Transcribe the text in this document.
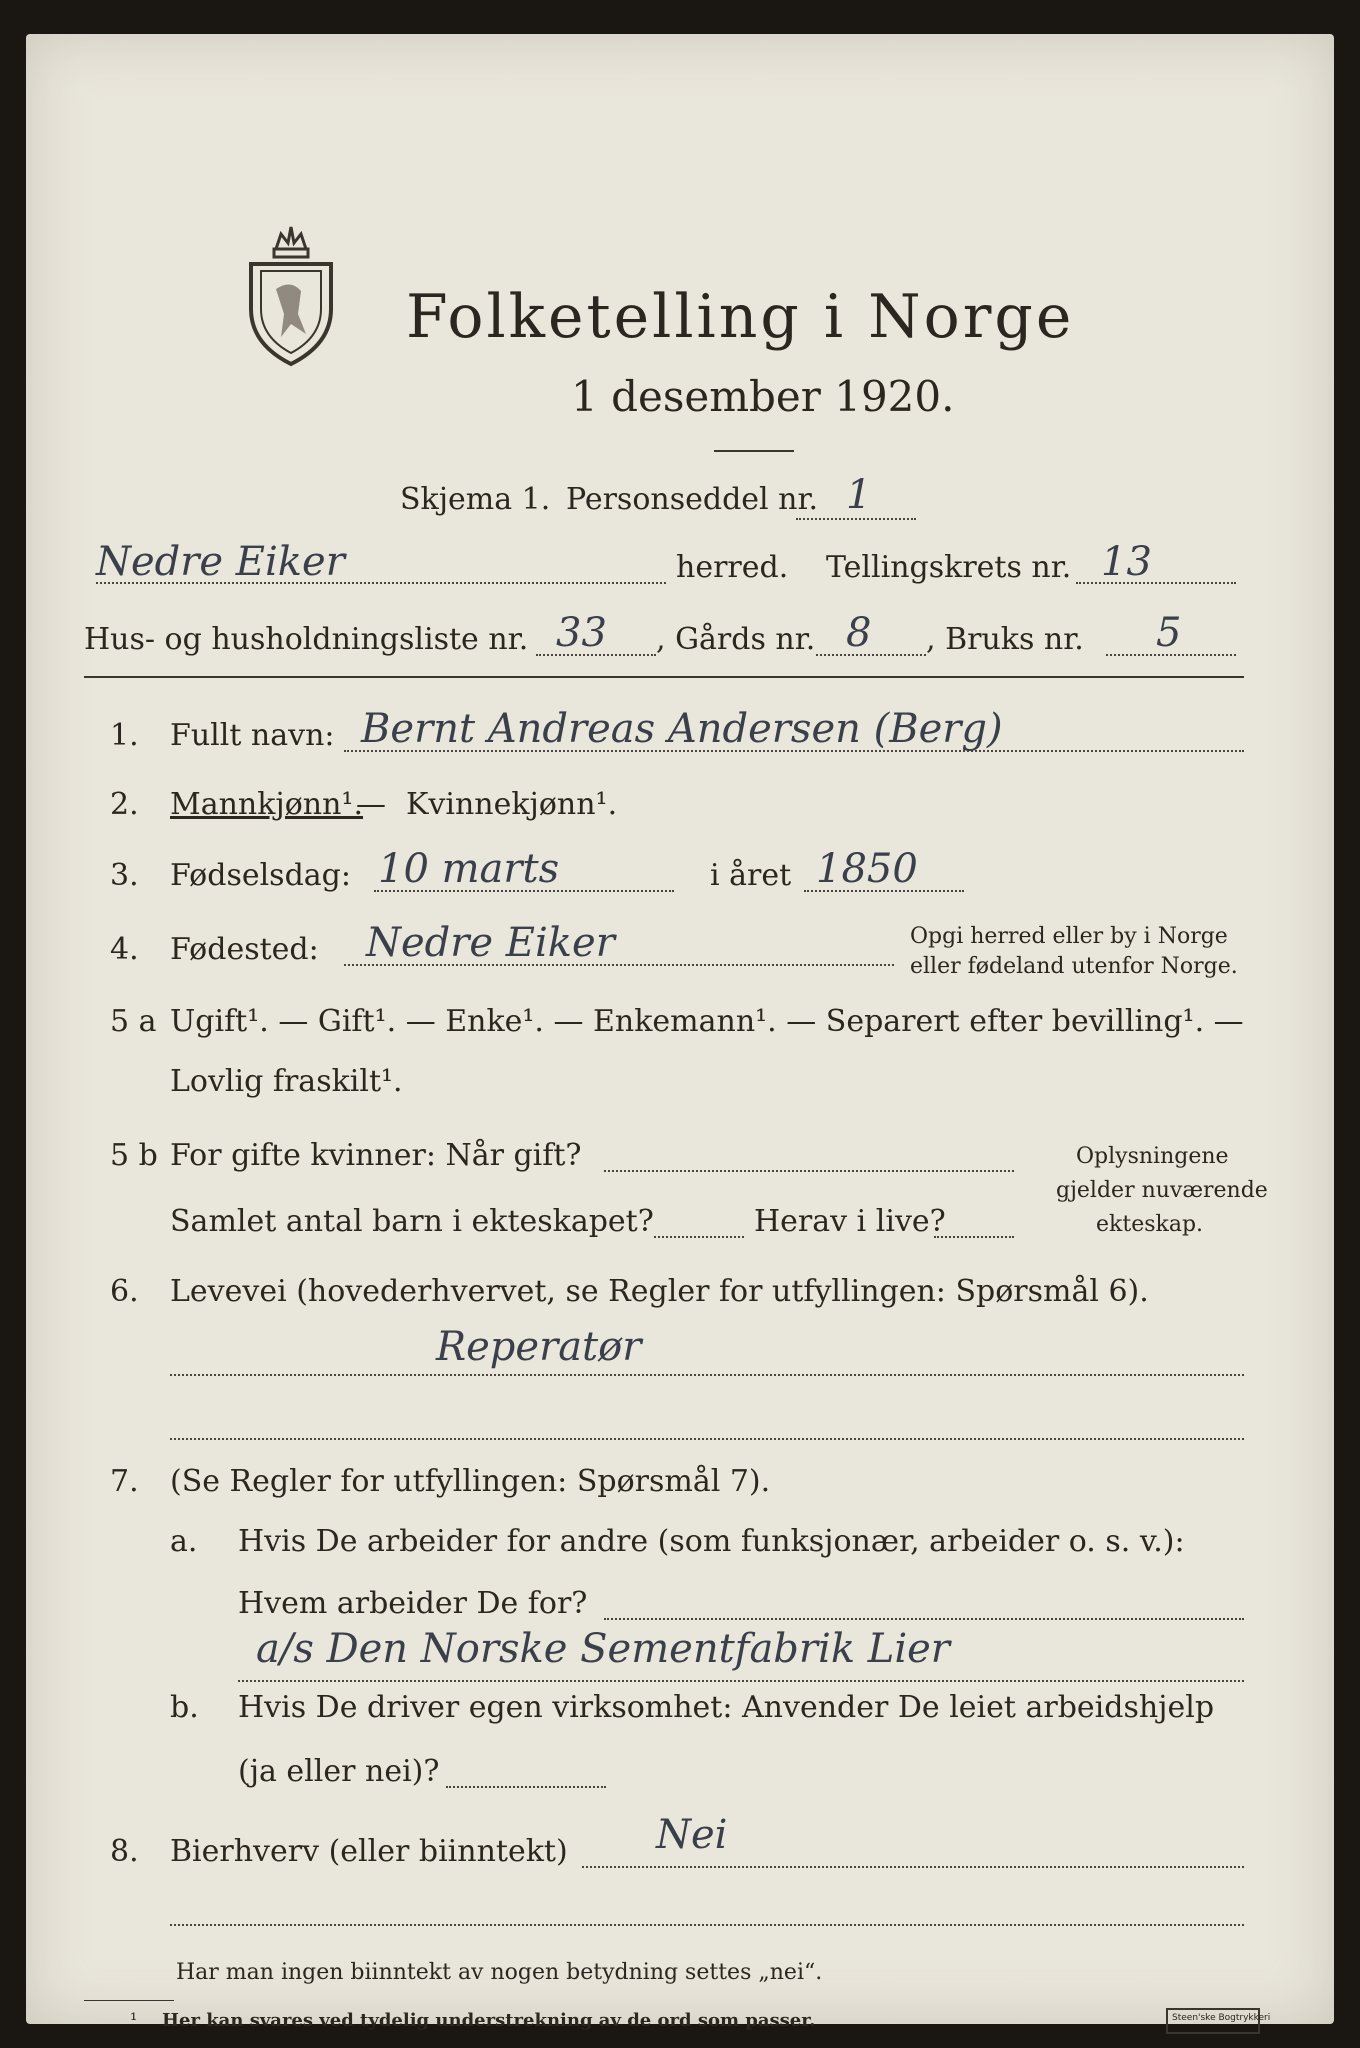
Folketelling i Norge
1 desember 1920.
Skjema 1. Personseddel nr. 1
Nedre Eiker	herred. Tellingskrets nr. 13
Hus- og husholdningsliste nr. 33 , Gårds nr. 8 , Bruks nr. 5
1. Fullt navn: Bernt Andreas Andersen (Berg)
2. Mannkjønn¹.
— Kvinnekjønn¹.
3. Fødselsdag: 10 marts	i året 1850
4. Fødested: Nedre Eiker	Opgi herred eller by i Norge
eller fødeland utenfor Norge.
5 a Ugift¹. — Gift¹. — Enke¹. — Enkemann¹. — Separert efter bevilling¹. —
Lovlig fraskilt¹.
5 b For gifte kvinner: Når gift?
Samlet antal barn i ekteskapet?	Herav i live?
Oplysningene
gjelder nuværende
ekteskap.
6. Levevei (hovederhvervet, se Regler for utfyllingen: Spørsmål 6).
Reperatør
7. (Se Regler for utfyllingen: Spørsmål 7).
a. Hvis De arbeider for andre (som funksjonær, arbeider o. s. v.):
Hvem arbeider De for?
a/s Den Norske Sementfabrik Lier
b. Hvis De driver egen virksomhet: Anvender De leiet arbeidshjelp
(ja eller nei)?
8. Bierhverv (eller biinntekt) Nei
Har man ingen biinntekt av nogen betydning settes „nei“.
¹ Her kan svares ved tydelig understrekning av de ord som passer.	Steen'ske Bogtrykkeri
